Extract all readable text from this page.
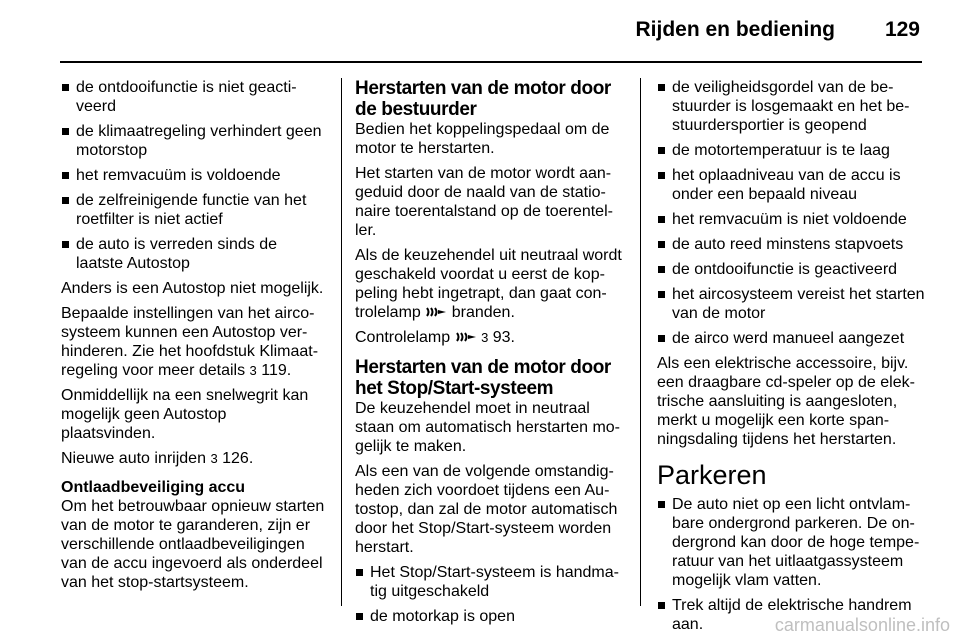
Rijden en bediening 129
de ontdooifunctie is niet geacti-veerd
de klimaatregeling verhindert geen motorstop
het remvacuüm is voldoende
de zelfreinigende functie van het roetfilter is niet actief
de auto is verreden sinds de laatste Autostop

Anders is een Autostop niet mogelijk.

Bepaalde instellingen van het airco-systeem kunnen een Autostop ver-hinderen. Zie het hoofdstuk Klimaat-regeling voor meer details 3 119.

Onmiddellijk na een snelwegrit kan mogelijk geen Autostop plaatsvinden.

Nieuwe auto inrijden 3 126.

Ontlaadbeveiliging accu

Om het betrouwbaar opnieuw starten van de motor te garanderen, zijn er verschillende ontlaadbeveiligingen van de accu ingevoerd als onderdeel van het stop-startsysteem.

Herstarten van de motor door de bestuurder

Bedien het koppelingspedaal om de motor te herstarten.

Het starten van de motor wordt aan-geduid door de naald van de statio-naire toerentalstand op de toerentel-ler.

Als de keuzehendel uit neutraal wordt geschakeld voordat u eerst de kop-peling hebt ingetrapt, dan gaat con-trolelamp branden.

Controlelamp 3 93.

Herstarten van de motor door het Stop/Start-systeem

De keuzehendel moet in neutraal staan om automatisch herstarten mo-gelijk te maken.

Als een van de volgende omstandig-heden zich voordoet tijdens een Au-tostop, dan zal de motor automatisch door het Stop/Start-systeem worden herstart.

Het Stop/Start-systeem is handma-tig uitgeschakeld
de motorkap is open
de veiligheidsgordel van de be-stuurder is losgemaakt en het be-stuurdersportier is geopend
de motortemperatuur is te laag
het oplaadniveau van de accu is onder een bepaald niveau
het remvacuüm is niet voldoende
de auto reed minstens stapvoets
de ontdooifunctie is geactiveerd
het aircosysteem vereist het starten van de motor
de airco werd manueel aangezet

Als een elektrische accessoire, bijv. een draagbare cd-speler op de elek-trische aansluiting is aangesloten, merkt u mogelijk een korte span-ningsdaling tijdens het herstarten.

Parkeren
De auto niet op een licht ontvlam-bare ondergrond parkeren. De on-dergrond kan door de hoge tempe-ratuur van het uitlaatgassysteem mogelijk vlam vatten.
Trek altijd de elektrische handrem aan.	carmanualsonline.info
